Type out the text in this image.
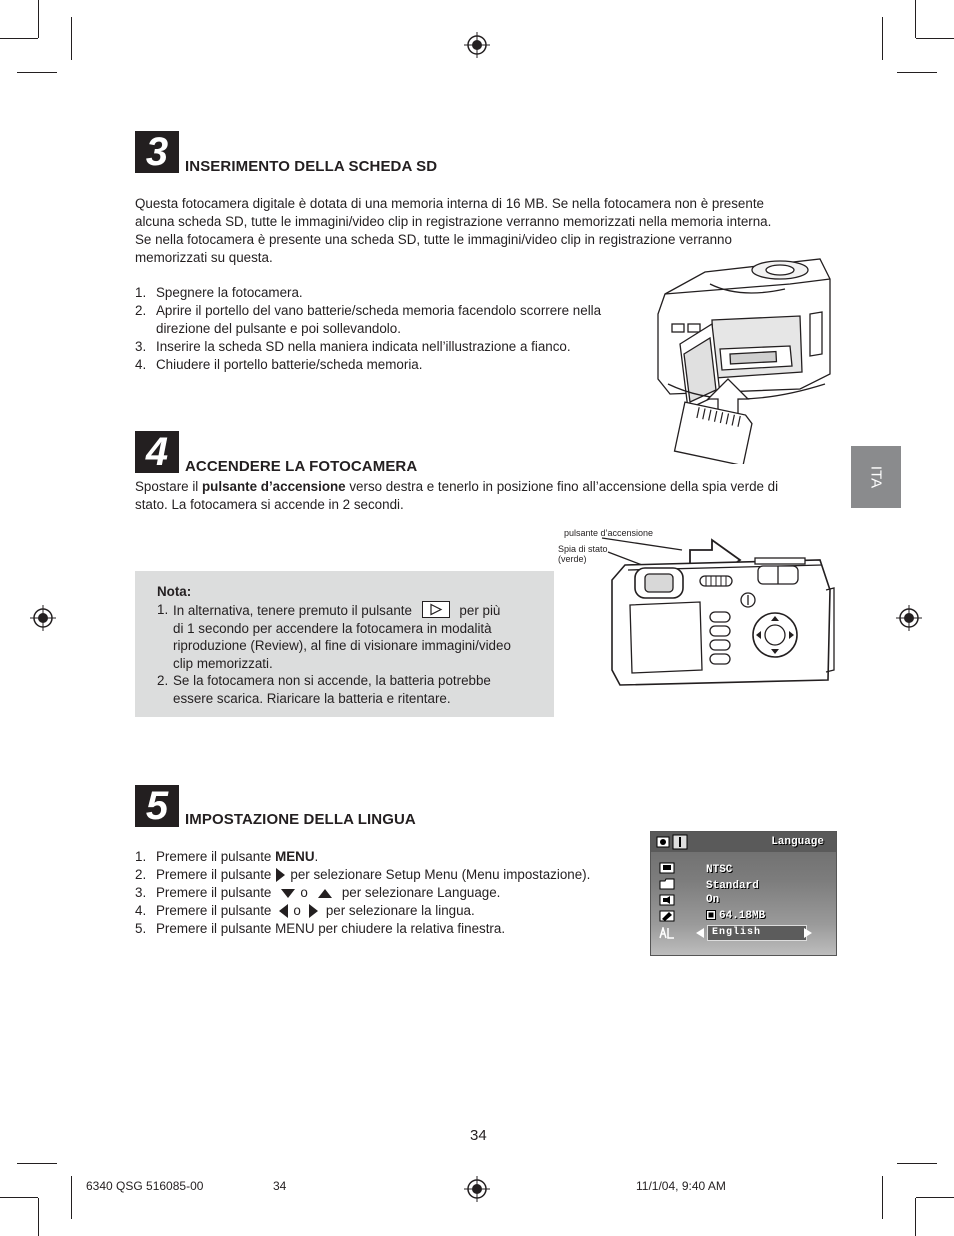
3	INSERIMENTO DELLA SCHEDA SD

Questa fotocamera digitale è dotata di una memoria interna di 16 MB. Se nella fotocamera non è presente

alcuna scheda SD, tutte le immagini/video clip in registrazione verranno memorizzati nella memoria interna.

Se nella fotocamera è presente una scheda SD, tutte le immagini/video clip in registrazione verranno

memorizzati su questa.

1. Spegnere la fotocamera.
2. Aprire il portello del vano batterie/scheda memoria facendolo scorrere nella
direzione del pulsante e poi sollevandolo.
3. Inserire la scheda SD nella maniera indicata nell’illustrazione a fianco.
4. Chiudere il portello batterie/scheda memoria.
4	ACCENDERE LA FOTOCAMERA

Spostare il pulsante d’accensione verso destra e tenerlo in posizione fino all’accensione della spia verde di

stato. La fotocamera si accende in 2 secondi.

Nota:
1. In alternativa, tenere premuto il pulsante	per più
di 1 secondo per accendere la fotocamera in modalità
riproduzione (Review), al fine di visionare immagini/video
clip memorizzati.
2. Se la fotocamera non si accende, la batteria potrebbe
essere scarica. Riaricare la batteria e ritentare.
pulsante d’accensione
Spia di stato
(verde)
5	IMPOSTAZIONE DELLA LINGUA
1. Premere il pulsante MENU.
2. Premere il pulsante per selezionare Setup Menu (Menu impostazione).
3. Premere il pulsante o	per selezionare Language.
4. Premere il pulsante o per selezionare la lingua.
5. Premere il pulsante MENU per chiudere la relativa finestra.
Language
NTSC
Standard
On
64.18MB
English
ITA
34
6340 QSG 516085-00	34	11/1/04, 9:40 AM
